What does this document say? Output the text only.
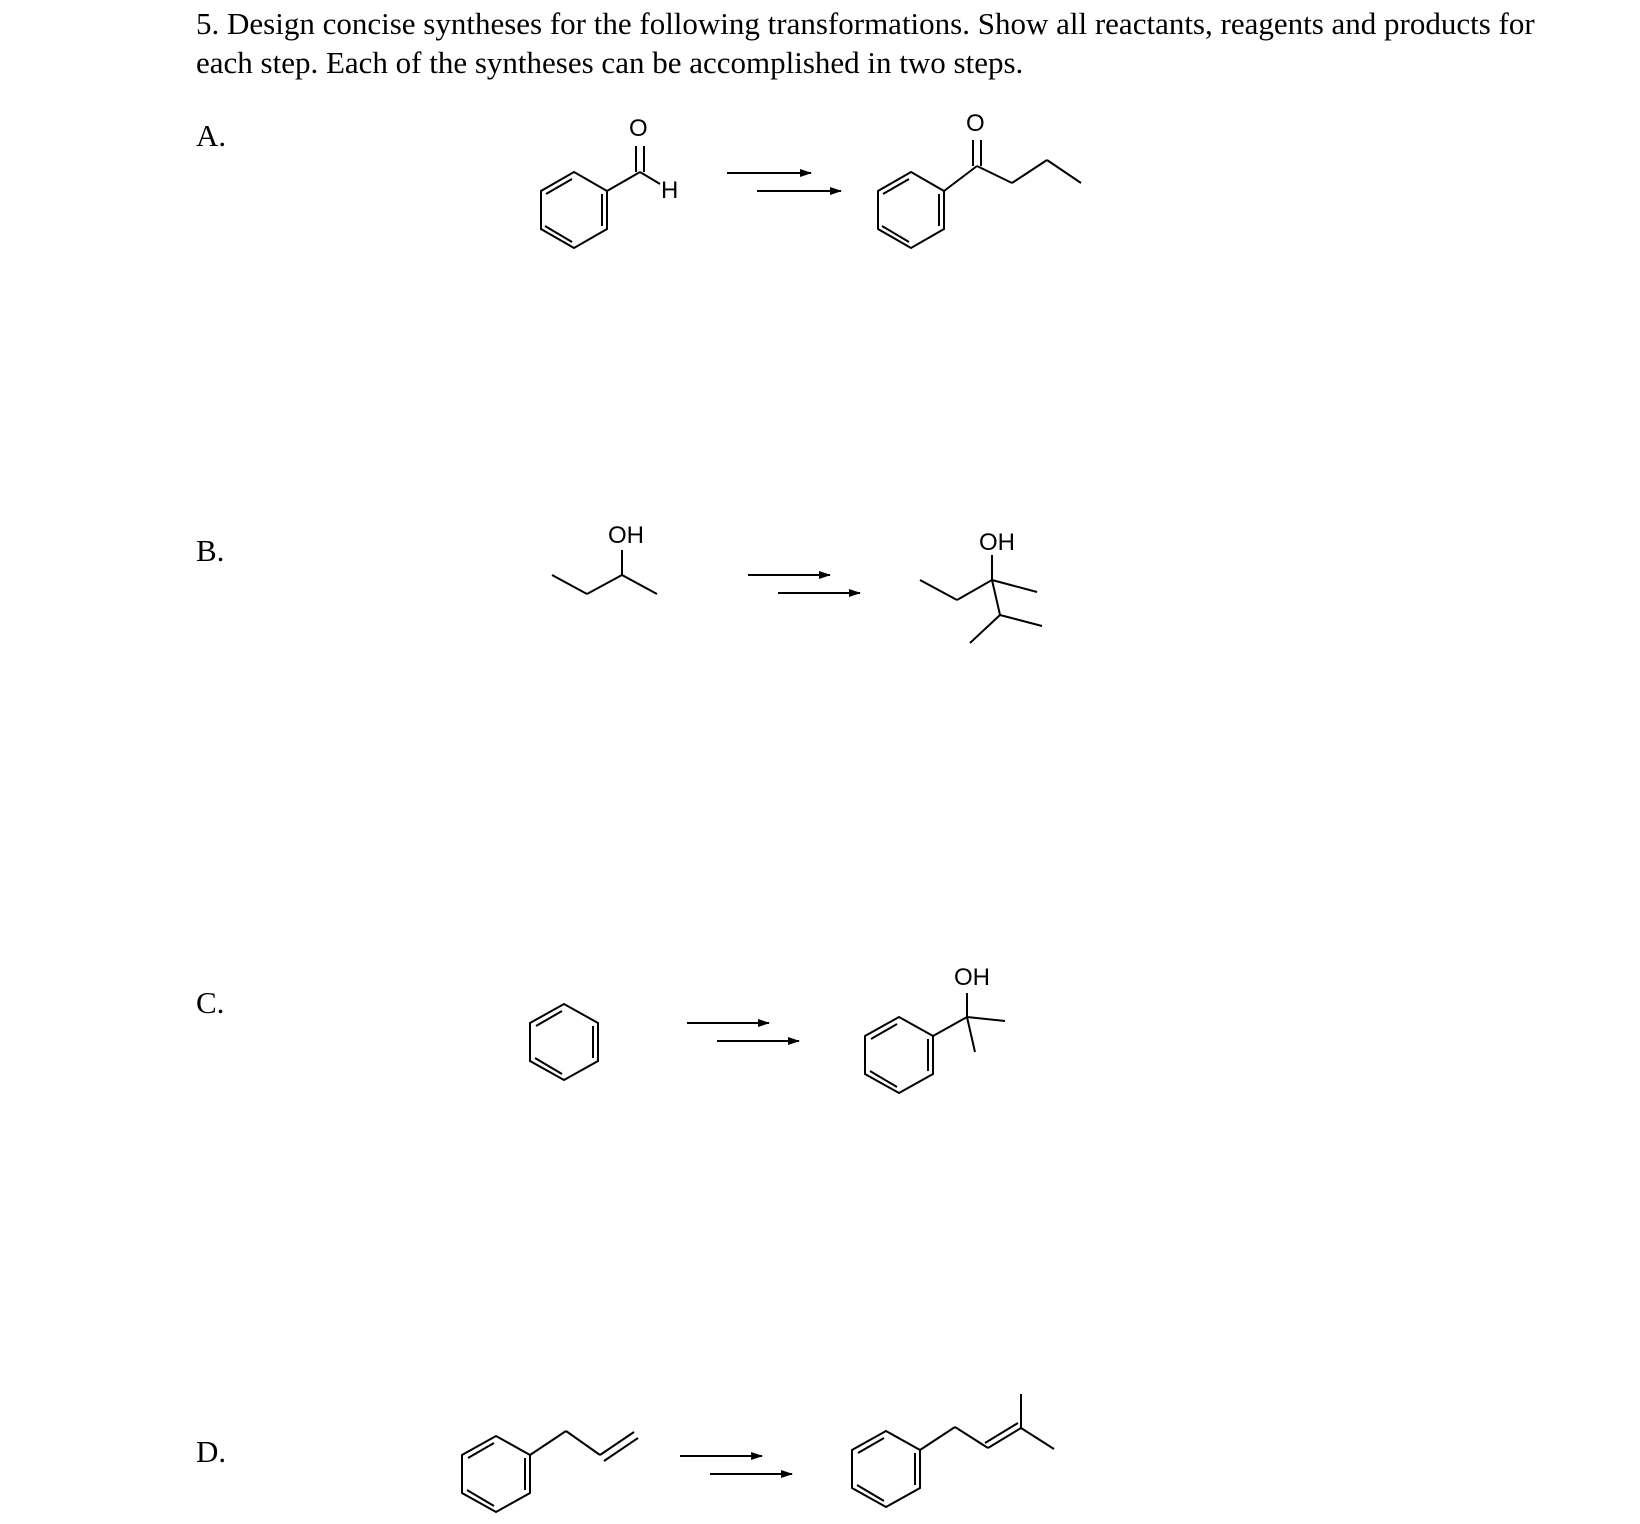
5. Design concise syntheses for the following transformations. Show all reactants, reagents and products for each step. Each of the syntheses can be accomplished in two steps.

A.
B.
C.
D.
O
H
O
OH	OH
OH
